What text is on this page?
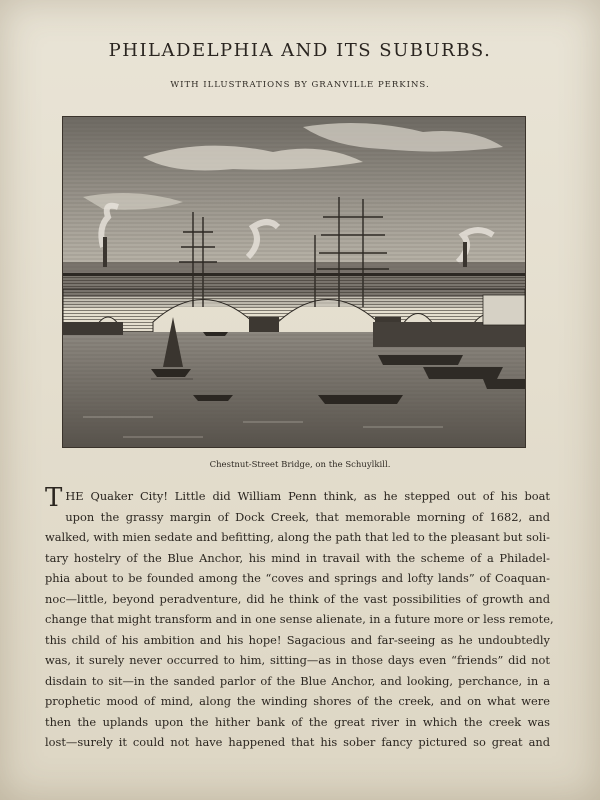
PHILADELPHIA AND ITS SUBURBS.
WITH ILLUSTRATIONS BY GRANVILLE PERKINS.
Chestnut-Street Bridge, on the Schuylkill.
T HE Quaker City! Little did William Penn think, as he stepped out of his boat
upon the grassy margin of Dock Creek, that memorable morning of 1682, and
walked, with mien sedate and befitting, along the path that led to the pleasant but soli-
tary hostelry of the Blue Anchor, his mind in travail with the scheme of a Philadel-
phia about to be founded among the “coves and springs and lofty lands” of Coaquan-
noc—little, beyond peradventure, did he think of the vast possibilities of growth and
change that might transform and in one sense alienate, in a future more or less remote,
this child of his ambition and his hope! Sagacious and far-seeing as he undoubtedly
was, it surely never occurred to him, sitting—as in those days even “friends” did not
disdain to sit—in the sanded parlor of the Blue Anchor, and looking, perchance, in a
prophetic mood of mind, along the winding shores of the creek, and on what were
then the uplands upon the hither bank of the great river in which the creek was
lost—surely it could not have happened that his sober fancy pictured so great and
